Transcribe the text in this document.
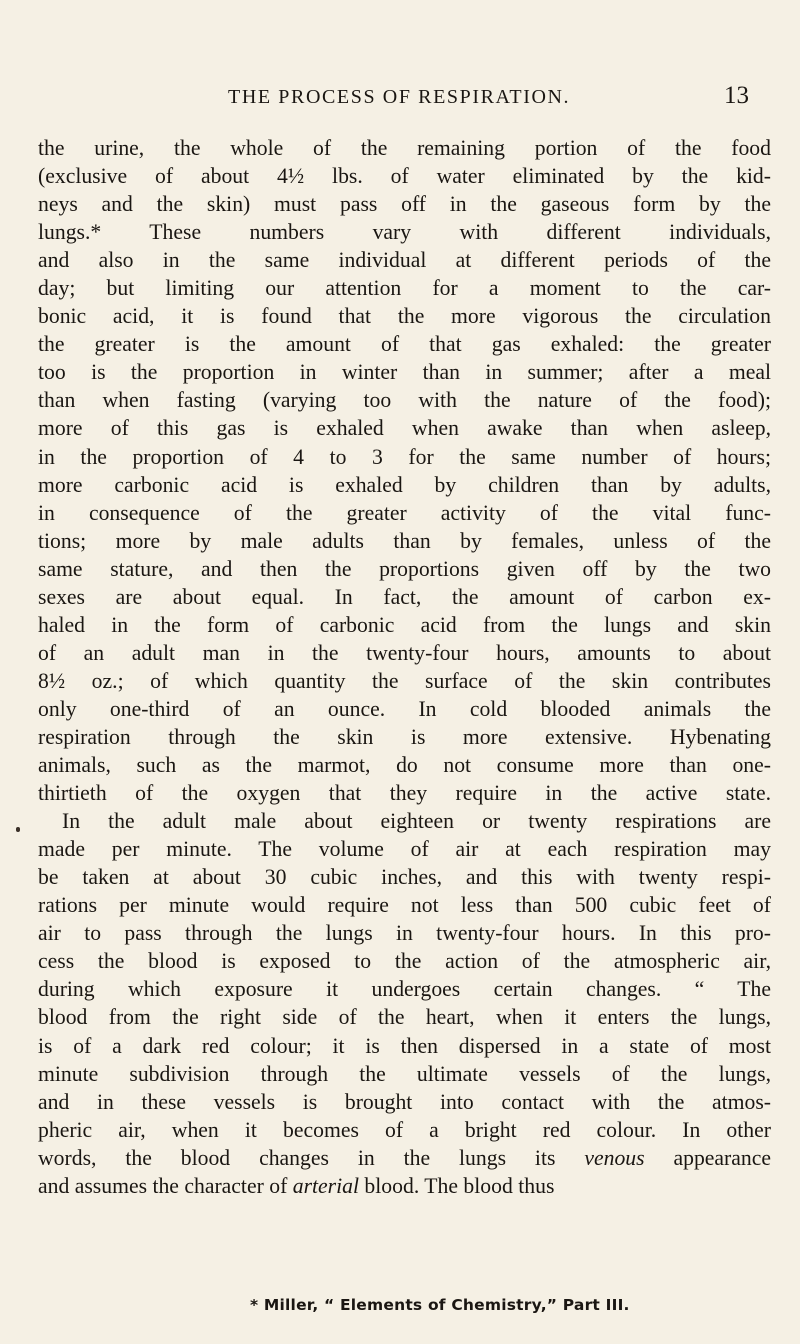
THE PROCESS OF RESPIRATION.	13
the urine, the whole of the remaining portion of the food
(exclusive of about 4½ lbs. of water eliminated by the kid-
neys and the skin) must pass off in the gaseous form by the
lungs.* These numbers vary with different individuals,
and also in the same individual at different periods of the
day; but limiting our attention for a moment to the car-
bonic acid, it is found that the more vigorous the circulation
the greater is the amount of that gas exhaled: the greater
too is the proportion in winter than in summer; after a meal
than when fasting (varying too with the nature of the food);
more of this gas is exhaled when awake than when asleep,
in the proportion of 4 to 3 for the same number of hours;
more carbonic acid is exhaled by children than by adults,
in consequence of the greater activity of the vital func-
tions; more by male adults than by females, unless of the
same stature, and then the proportions given off by the two
sexes are about equal. In fact, the amount of carbon ex-
haled in the form of carbonic acid from the lungs and skin
of an adult man in the twenty-four hours, amounts to about
8½ oz.; of which quantity the surface of the skin contributes
only one-third of an ounce. In cold blooded animals the
respiration through the skin is more extensive. Hybenating
animals, such as the marmot, do not consume more than one-
thirtieth of the oxygen that they require in the active state.
In the adult male about eighteen or twenty respirations are
made per minute. The volume of air at each respiration may
be taken at about 30 cubic inches, and this with twenty respi-
rations per minute would require not less than 500 cubic feet of
air to pass through the lungs in twenty-four hours. In this pro-
cess the blood is exposed to the action of the atmospheric air,
during which exposure it undergoes certain changes. “ The
blood from the right side of the heart, when it enters the lungs,
is of a dark red colour; it is then dispersed in a state of most
minute subdivision through the ultimate vessels of the lungs,
and in these vessels is brought into contact with the atmos-
pheric air, when it becomes of a bright red colour. In other
words, the blood changes in the lungs its venous appearance
and assumes the character of arterial blood. The blood thus
* Miller, “ Elements of Chemistry,” Part III.
